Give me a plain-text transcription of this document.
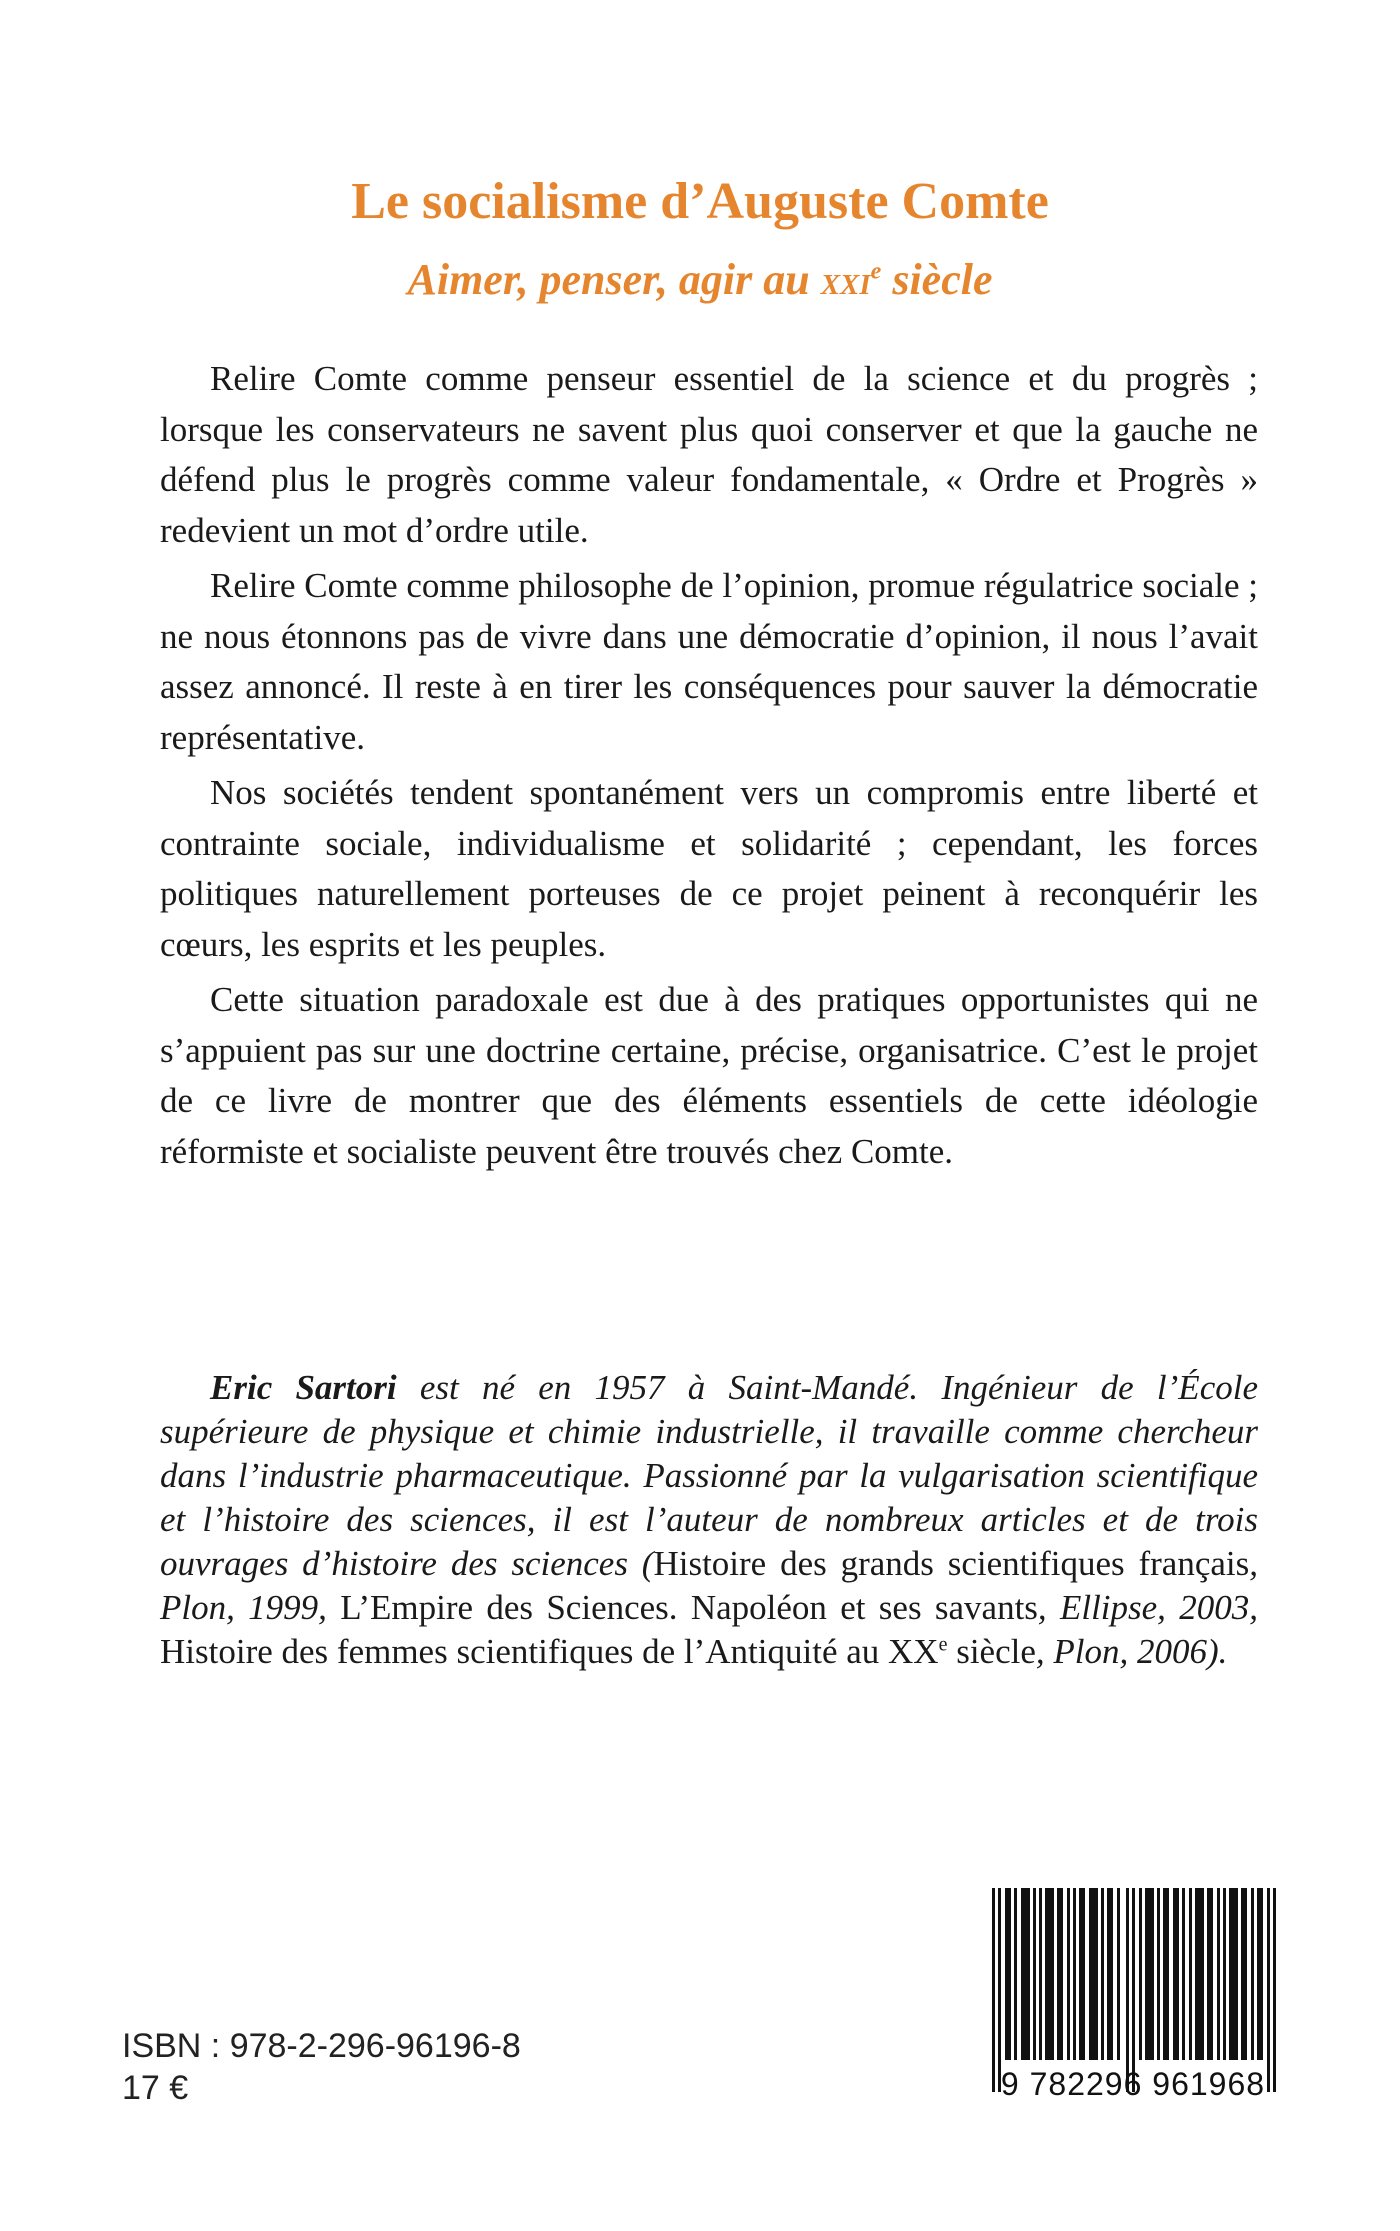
Le socialisme d’Auguste Comte
Aimer, penser, agir au xxi$^e$ siècle

Relire Comte comme penseur essentiel de la science et du progrès ; lorsque les conservateurs ne savent plus quoi conserver et que la gauche ne défend plus le progrès comme valeur fondamentale, « Ordre et Progrès » redevient un mot d’ordre utile.

Relire Comte comme philosophe de l’opinion, promue régulatrice sociale ; ne nous étonnons pas de vivre dans une démocratie d’opinion, il nous l’avait assez annoncé. Il reste à en tirer les conséquences pour sauver la démocratie représentative.

Nos sociétés tendent spontanément vers un compromis entre liberté et contrainte sociale, individualisme et solidarité ; cependant, les forces politiques naturellement porteuses de ce projet peinent à reconquérir les cœurs, les esprits et les peuples.

Cette situation paradoxale est due à des pratiques opportunistes qui ne s’appuient pas sur une doctrine certaine, précise, organisatrice. C’est le projet de ce livre de montrer que des éléments essentiels de cette idéologie réformiste et socialiste peuvent être trouvés chez Comte.

Eric Sartori est né en 1957 à Saint-Mandé. Ingénieur de l’École supérieure de physique et chimie industrielle, il travaille comme chercheur dans l’industrie pharmaceutique. Passionné par la vulgarisation scientifique et l’histoire des sciences, il est l’auteur de nombreux articles et de trois ouvrages d’histoire des sciences (Histoire des grands scientifiques français, Plon, 1999, L’Empire des Sciences. Napoléon et ses savants, Ellipse, 2003, Histoire des femmes scientifiques de l’Antiquité au XXe siècle, Plon, 2006).
ISBN : 978-2-296-96196-8
17 €	9 782296 961968
